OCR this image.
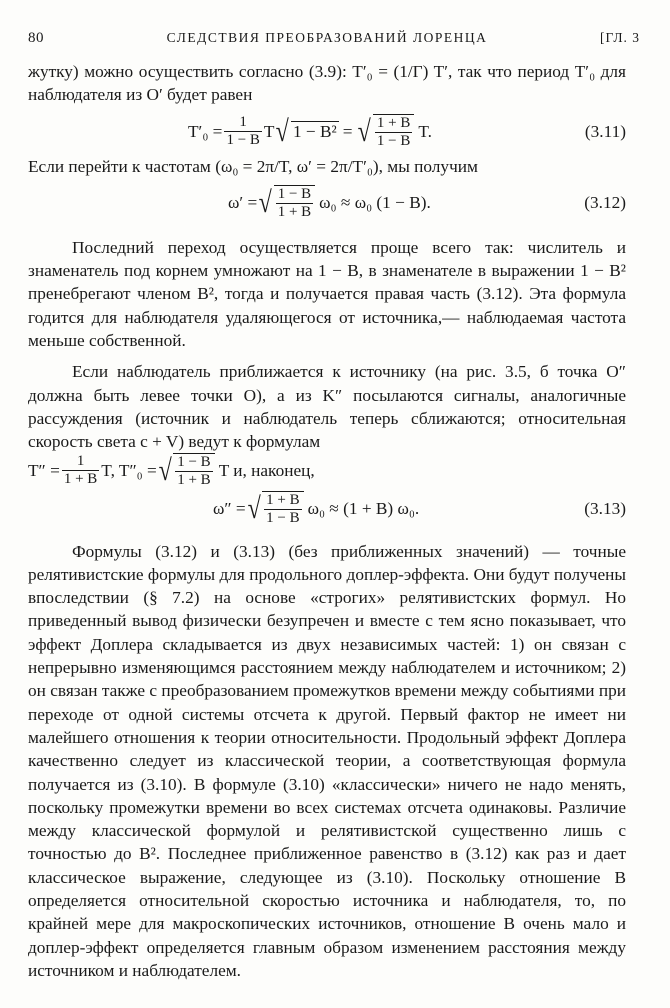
80	СЛЕДСТВИЯ ПРЕОБРАЗОВАНИЙ ЛОРЕНЦА	[ГЛ. 3

жутку) можно осуществить согласно (3.9): T′₀ = (1/Γ) T′, так что период T′₀ для наблюдателя из O′ будет равен

$T'_0 = \frac{1}{1 - B}$ T √ 1 − B² = √ $\frac{1 + B}{1 - B} T$.	(3.11)

Если перейти к частотам (ω₀ = 2π/T, ω′ = 2π/T′₀), мы получим

ω′ = √ $\frac{1 - B}{1 + B} \omega_0 \approx \omega_0$ (1 − B).	(3.12)

Последний переход осуществляется проще всего так: числитель и знаменатель под корнем умножают на 1 − B, в знаменателе в выражении 1 − B² пренебрегают членом B², тогда и получается правая часть (3.12). Эта формула годится для наблюдателя удаляющегося от источника,— наблюдаемая частота меньше собственной.

Если наблюдатель приближается к источнику (на рис. 3.5, б точка O″ должна быть левее точки O), а из K″ посылаются сигналы, аналогичные рассуждения (источник и наблюдатель теперь сближаются; относительная скорость света c + V) ведут к формулам

$T'' = \frac{1}{1 + B} T$, T″₀ = √ $\frac{1 - B}{1 + B}$ T и, наконец,
ω″ = √ $\frac{1 + B}{1 - B} \omega_0 \approx (1 + B)$ ω₀.	(3.13)

Формулы (3.12) и (3.13) (без приближенных значений) — точные релятивистские формулы для продольного доплер-эффекта. Они будут получены впоследствии (§ 7.2) на основе «строгих» релятивистских формул. Но приведенный вывод физически безупречен и вместе с тем ясно показывает, что эффект Доплера складывается из двух независимых частей: 1) он связан с непрерывно изменяющимся расстоянием между наблюдателем и источником; 2) он связан также с преобразованием промежутков времени между событиями при переходе от одной системы отсчета к другой. Первый фактор не имеет ни малейшего отношения к теории относительности. Продольный эффект Доплера качественно следует из классической теории, а соответствующая формула получается из (3.10). В формуле (3.10) «классически» ничего не надо менять, поскольку промежутки времени во всех системах отсчета одинаковы. Различие между классической формулой и релятивистской существенно лишь с точностью до B². Последнее приближенное равенство в (3.12) как раз и дает классическое выражение, следующее из (3.10). Поскольку отношение B определяется относительной скоростью источника и наблюдателя, то, по крайней мере для макроскопических источников, отношение B очень мало и доплер-эффект определяется главным образом изменением расстояния между источником и наблюдателем.
